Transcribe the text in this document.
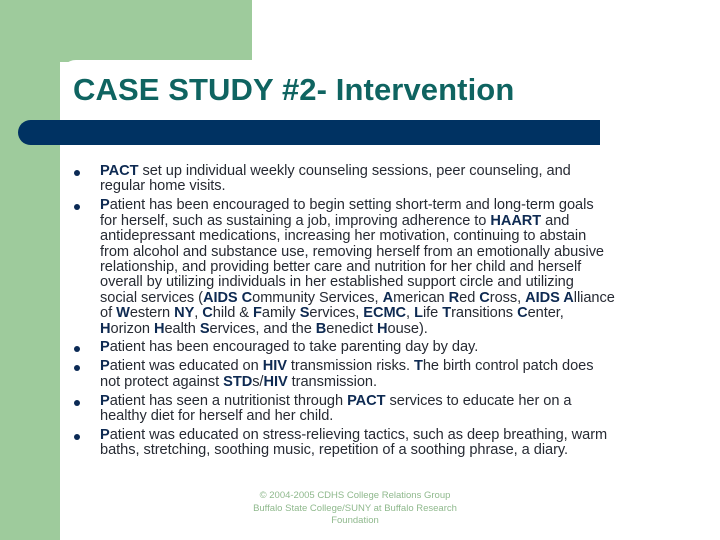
CASE STUDY #2- Intervention
PACT set up individual weekly counseling sessions, peer counseling, and
regular home visits.
Patient has been encouraged to begin setting short-term and long-term goals
for herself, such as sustaining a job, improving adherence to HAART and
antidepressant medications, increasing her motivation, continuing to abstain
from alcohol and substance use, removing herself from an emotionally abusive
relationship, and providing better care and nutrition for her child and herself
overall by utilizing individuals in her established support circle and utilizing
social services (AIDS Community Services, American Red Cross, AIDS Alliance
of Western NY, Child & Family Services, ECMC, Life Transitions Center,
Horizon Health Services, and the Benedict House).
Patient has been encouraged to take parenting day by day.
Patient was educated on HIV transmission risks. The birth control patch does
not protect against STDs/HIV transmission.
Patient has seen a nutritionist through PACT services to educate her on a
healthy diet for herself and her child.
Patient was educated on stress-relieving tactics, such as deep breathing, warm
baths, stretching, soothing music, repetition of a soothing phrase, a diary.
© 2004-2005 CDHS College Relations Group
Buffalo State College/SUNY at Buffalo Research
Foundation
